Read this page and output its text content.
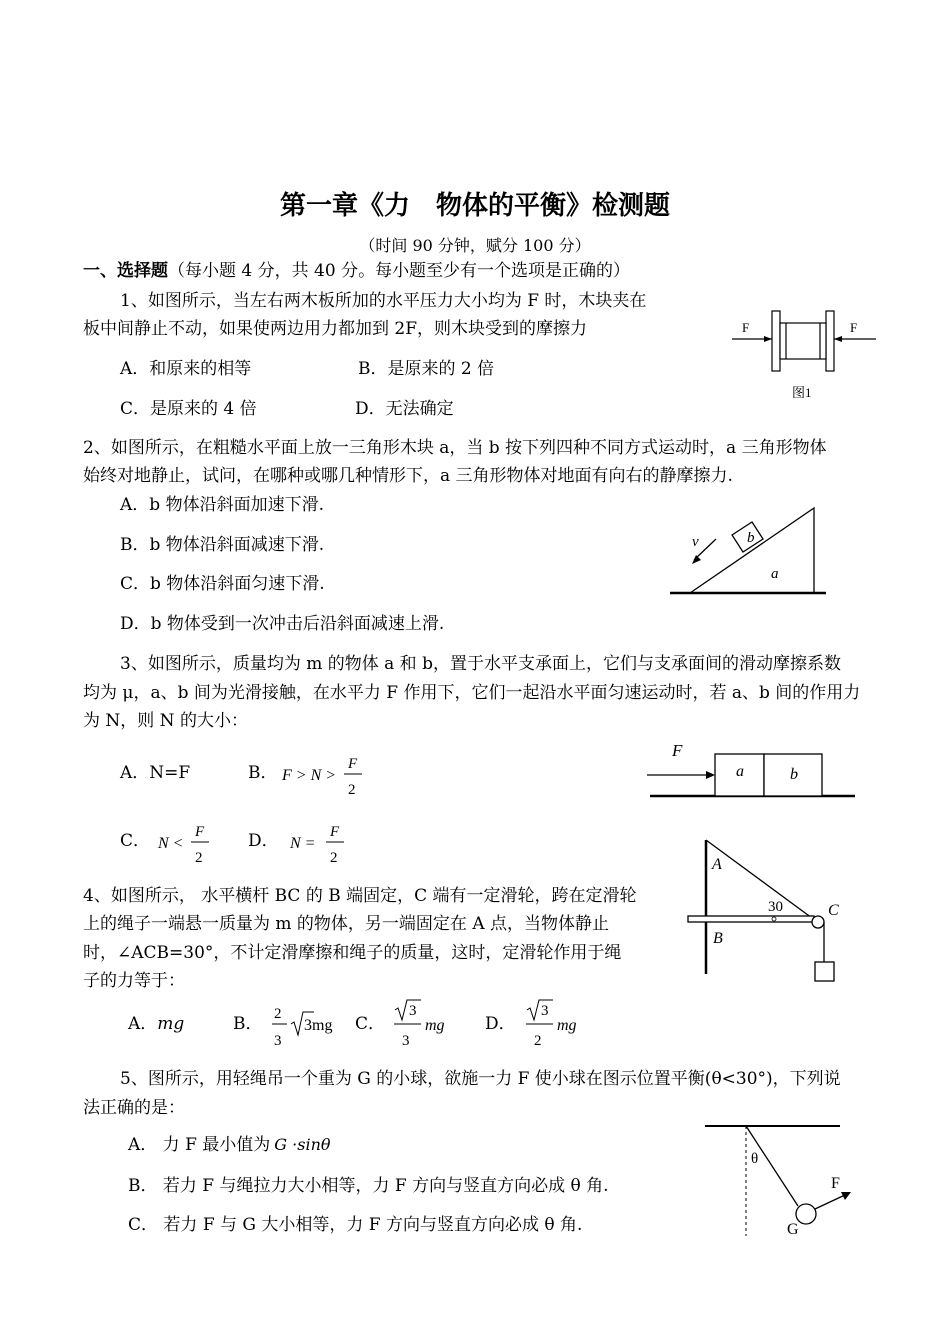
第一章《力　物体的平衡》检测题
（时间 90 分钟，赋分 100 分）
一、选择题（每小题 4 分，共 40 分。每小题至少有一个选项是正确的）
1、如图所示，当左右两木板所加的水平压力大小均为 F 时，木块夹在
板中间静止不动，如果使两边用力都加到 2F，则木块受到的摩擦力
A．和原来的相等	B．是原来的 2 倍
C．是原来的 4 倍	D．无法确定
F	F
图1
2、如图所示，在粗糙水平面上放一三角形木块 a，当 b 按下列四种不同方式运动时，a 三角形物体
始终对地静止，试问，在哪种或哪几种情形下，a 三角形物体对地面有向右的静摩擦力.
A．b 物体沿斜面加速下滑.
B．b 物体沿斜面减速下滑.
C．b 物体沿斜面匀速下滑.
D．b 物体受到一次冲击后沿斜面减速上滑.
v	b
a
3、如图所示，质量均为 m 的物体 a 和 b，置于水平支承面上，它们与支承面间的滑动摩擦系数
均为 μ，a、b 间为光滑接触，在水平力 F 作用下，它们一起沿水平面匀速运动时，若 a、b 间的作用力
为 N，则 N 的大小：
A．N=F	B． F > N >
F
2
C． N <
F
2
D． N =
F
2
F
a	b
4、如图所示， 水平横杆 BC 的 B 端固定，C 端有一定滑轮，跨在定滑轮
上的绳子一端悬一质量为 m 的物体，另一端固定在 A 点，当物体静止
时，∠ACB=30°，不计定滑摩擦和绳子的质量，这时，定滑轮作用于绳
子的力等于：
A．mg	B． 2
3
3mg C．
3
3
mg D．
3
2
mg
A
30	C
B
5、图所示，用轻绳吊一个重为 G 的小球，欲施一力 F 使小球在图示位置平衡(θ<30°)，下列说
法正确的是：
A． 力 F 最小值为 G ·sinθ
B． 若力 F 与绳拉力大小相等，力 F 方向与竖直方向必成 θ 角.
C． 若力 F 与 G 大小相等，力 F 方向与竖直方向必成 θ 角.
θ
F
G
